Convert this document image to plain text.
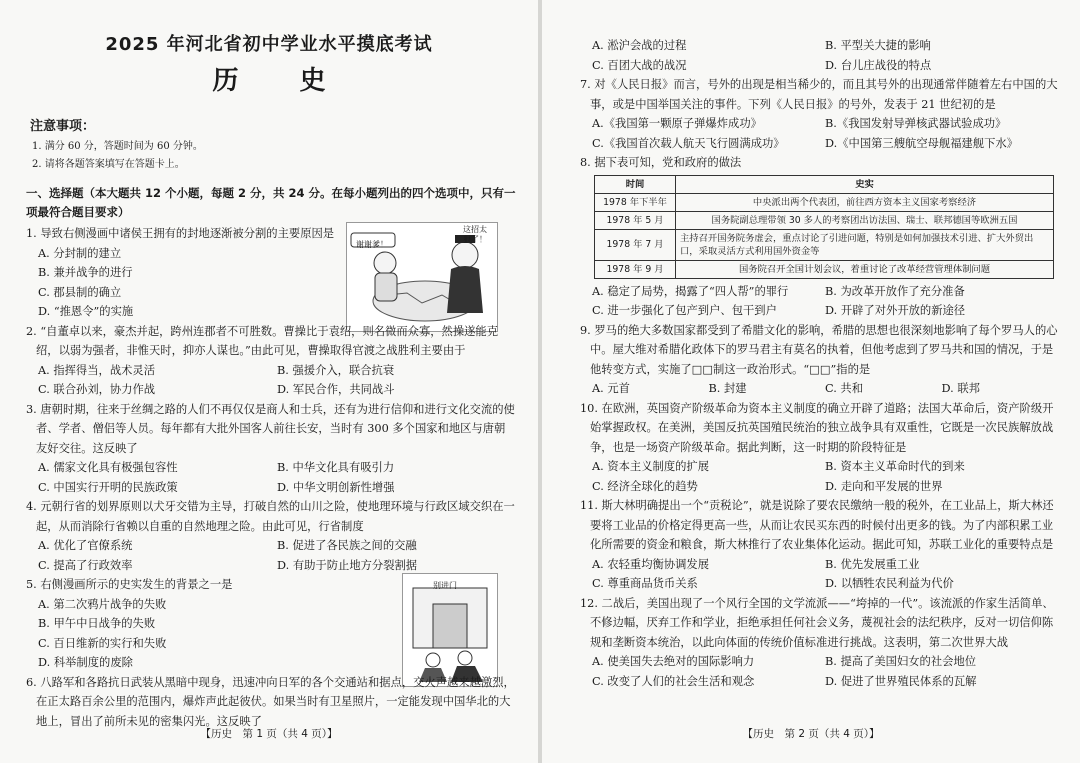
2025 年河北省初中学业水平摸底考试
历 史
注意事项：
1. 满分 60 分，答题时间为 60 分钟。
2. 请将各题答案填写在答题卡上。
一、选择题（本大题共 12 个小题，每题 2 分，共 24 分。在每小题列出的四个选项中，只有一项最符合题目要求）
1. 导致右侧漫画中诸侯王拥有的封地逐渐被分割的主要原因是
谢谢爹！
这招太狠了！
A. 分封制的建立
B. 兼并战争的进行
C. 郡县制的确立
D. “推恩令”的实施
2. “自董卓以来，豪杰并起，跨州连郡者不可胜数。曹操比于袁绍，则名微而众寡，然操遂能克绍，以弱为强者，非惟天时，抑亦人谋也。”由此可见，曹操取得官渡之战胜利主要由于
A. 指挥得当，战术灵活	B. 强援介入，联合抗衰
C. 联合孙刘，协力作战	D. 军民合作，共同战斗
3. 唐朝时期，往来于丝绸之路的人们不再仅仅是商人和士兵，还有为进行信仰和进行文化交流的使者、学者、僧侣等人员。每年都有大批外国客人前往长安，当时有 300 多个国家和地区与唐朝友好交往。这反映了
A. 儒家文化具有极强包容性	B. 中华文化具有吸引力
C. 中国实行开明的民族政策	D. 中华文明创新性增强
4. 元朝行省的划界原则以犬牙交错为主导，打破自然的山川之险，使地理环境与行政区域交织在一起，从而消除行省赖以自重的自然地理之险。由此可见，行省制度
A. 优化了官僚系统	B. 促进了各民族之间的交融
C. 提高了行政效率	D. 有助于防止地方分裂割据
5. 右侧漫画所示的史实发生的背景之一是	别进门
A. 第二次鸦片战争的失败
B. 甲午中日战争的失败
C. 百日维新的实行和失败
D. 科举制度的废除
6. 八路军和各路抗日武装从黑暗中现身，迅速冲向日军的各个交通站和据点，交火声越来越激烈，在正太路百余公里的范围内，爆炸声此起彼伏。如果当时有卫星照片，一定能发现中国华北的大地上，冒出了前所未见的密集闪光。这反映了
【历史　第 1 页（共 4 页）】
A. 淞沪会战的过程	B. 平型关大捷的影响
C. 百团大战的战况	D. 台儿庄战役的特点
7. 对《人民日报》而言，号外的出现是相当稀少的，而且其号外的出现通常伴随着左右中国的大事，或是中国举国关注的事件。下列《人民日报》的号外，发表于 21 世纪初的是
A.《我国第一颗原子弹爆炸成功》	B.《我国发射导弹核武器试验成功》
C.《我国首次载人航天飞行圆满成功》	D.《中国第三艘航空母舰福建舰下水》
8. 据下表可知，党和政府的做法
时间	史实
1978 年下半年	中央派出两个代表团，前往西方资本主义国家考察经济
1978 年 5 月	国务院副总理带领 30 多人的考察团出访法国、瑞士、联邦德国等欧洲五国
1978 年 7 月	主持召开国务院务虚会，重点讨论了引进问题，特别是如何加强技术引进、扩大外贸出口，采取灵活方式利用国外资金等
1978 年 9 月	国务院召开全国计划会议，着重讨论了改革经营管理体制问题
A. 稳定了局势，揭露了“四人帮”的罪行	B. 为改革开放作了充分准备
C. 进一步强化了包产到户、包干到户	D. 开辟了对外开放的新途径
9. 罗马的绝大多数国家都受到了希腊文化的影响，希腊的思想也很深刻地影响了每个罗马人的心中。屋大维对希腊化政体下的罗马君主有莫名的执着，但他考虑到了罗马共和国的情况，于是他转变方式，实施了□□制这一政治形式。“□□”指的是
A. 元首	B. 封建	C. 共和	D. 联邦
10. 在欧洲，英国资产阶级革命为资本主义制度的确立开辟了道路；法国大革命后，资产阶级开始掌握政权。在美洲，美国反抗英国殖民统治的独立战争具有双重性，它既是一次民族解放战争，也是一场资产阶级革命。据此判断，这一时期的阶段特征是
A. 资本主义制度的扩展	B. 资本主义革命时代的到来
C. 经济全球化的趋势	D. 走向和平发展的世界
11. 斯大林明确提出一个“贡税论”，就是说除了要农民缴纳一般的税外，在工业品上，斯大林还要将工业品的价格定得更高一些，从而让农民买东西的时候付出更多的钱。为了内部积累工业化所需要的资金和粮食，斯大林推行了农业集体化运动。据此可知，苏联工业化的重要特点是
A. 农轻重均衡协调发展	B. 优先发展重工业
C. 尊重商品货币关系	D. 以牺牲农民利益为代价
12. 二战后，美国出现了一个风行全国的文学流派——“垮掉的一代”。该流派的作家生活简单、不修边幅，厌弃工作和学业，拒绝承担任何社会义务，蔑视社会的法纪秩序，反对一切信仰陈规和垄断资本统治，以此向体面的传统价值标准进行挑战。这表明，第二次世界大战
A. 使美国失去绝对的国际影响力	B. 提高了美国妇女的社会地位
C. 改变了人们的社会生活和观念	D. 促进了世界殖民体系的瓦解
【历史　第 2 页（共 4 页）】
